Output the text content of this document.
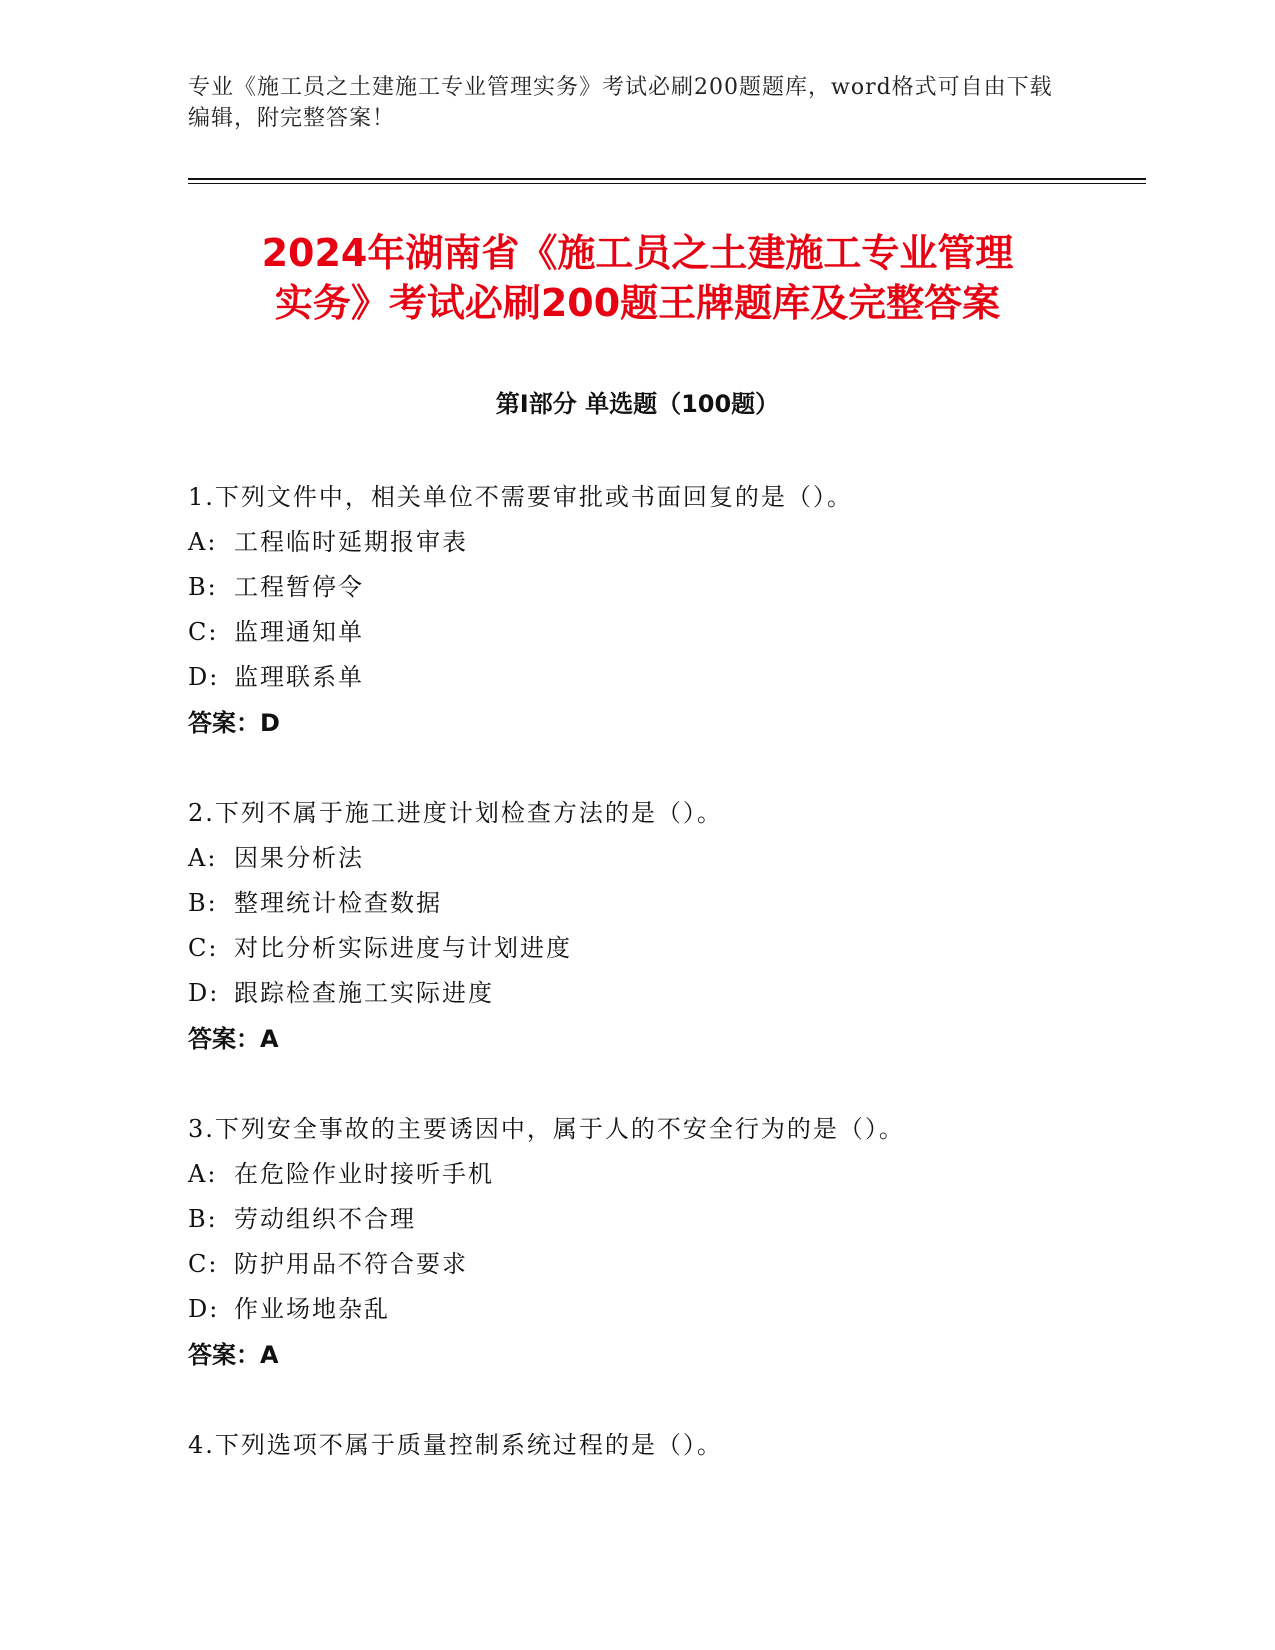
专业《施工员之土建施工专业管理实务》考试必刷200题题库，word格式可自由下载编辑，附完整答案！
2024年湖南省《施工员之土建施工专业管理
实务》考试必刷200题王牌题库及完整答案
第I部分 单选题（100题）
1.下列文件中，相关单位不需要审批或书面回复的是（）。
A: 工程临时延期报审表
B: 工程暂停令
C: 监理通知单
D: 监理联系单
答案：D
2.下列不属于施工进度计划检查方法的是（）。
A: 因果分析法
B: 整理统计检查数据
C: 对比分析实际进度与计划进度
D: 跟踪检查施工实际进度
答案：A
3.下列安全事故的主要诱因中，属于人的不安全行为的是（）。
A: 在危险作业时接听手机
B: 劳动组织不合理
C: 防护用品不符合要求
D: 作业场地杂乱
答案：A
4.下列选项不属于质量控制系统过程的是（）。
